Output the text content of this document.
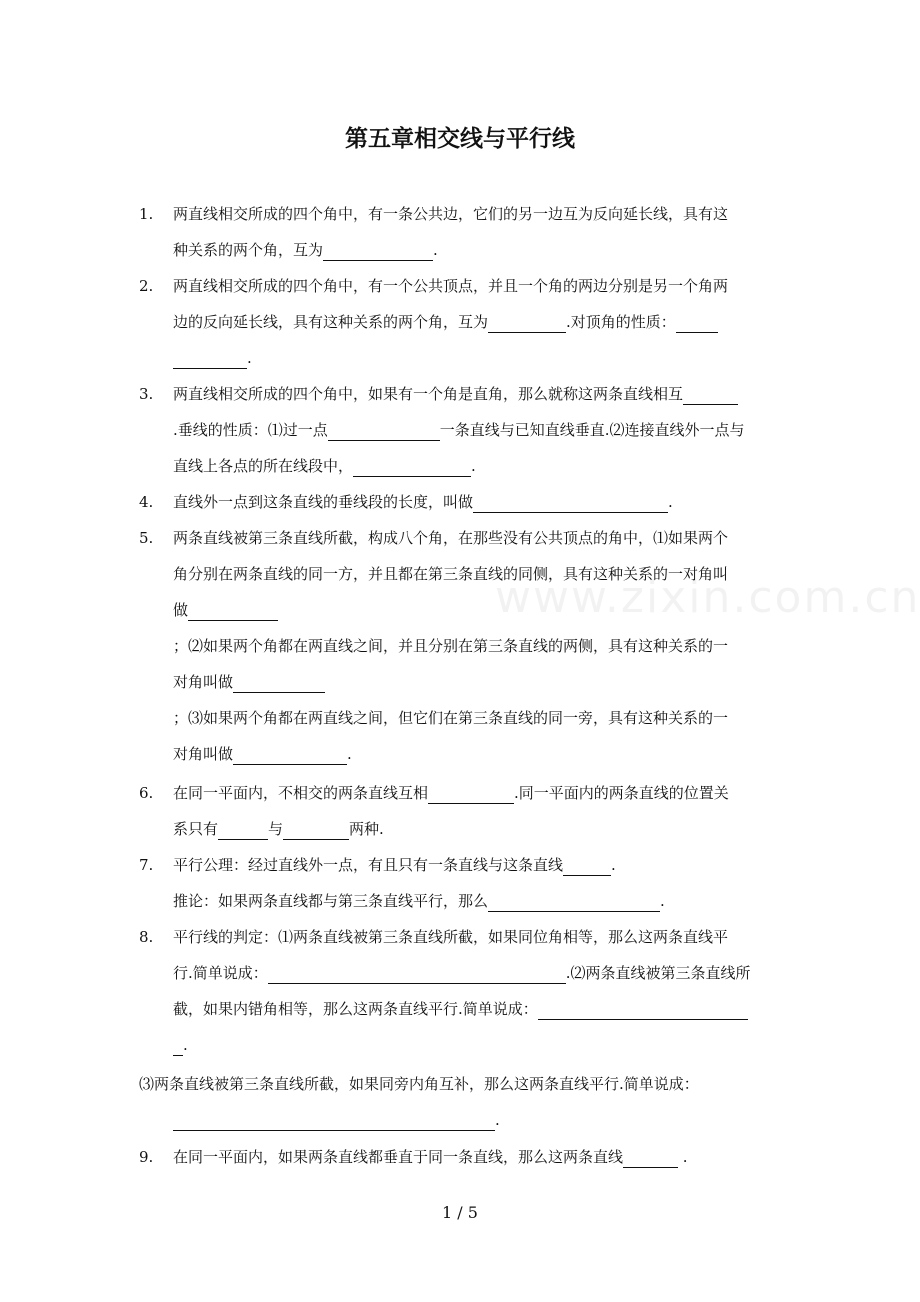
第五章相交线与平行线
www.zixin.com.cn
1.	两直线相交所成的四个角中，有一条公共边，它们的另一边互为反向延长线，具有这
种关系的两个角，互为	.
2.	两直线相交所成的四个角中，有一个公共顶点，并且一个角的两边分别是另一个角两
边的反向延长线，具有这种关系的两个角，互为	.对顶角的性质：
.
3.	两直线相交所成的四个角中，如果有一个角是直角，那么就称这两条直线相互
.垂线的性质：⑴过一点	一条直线与已知直线垂直.⑵连接直线外一点与
直线上各点的所在线段中，	.
4.	直线外一点到这条直线的垂线段的长度，叫做	.
5.	两条直线被第三条直线所截，构成八个角，在那些没有公共顶点的角中，⑴如果两个
角分别在两条直线的同一方，并且都在第三条直线的同侧，具有这种关系的一对角叫
做
；⑵如果两个角都在两直线之间，并且分别在第三条直线的两侧，具有这种关系的一
对角叫做
；⑶如果两个角都在两直线之间，但它们在第三条直线的同一旁，具有这种关系的一
对角叫做	.
6.	在同一平面内，不相交的两条直线互相	.同一平面内的两条直线的位置关
系只有	与	两种.
7.	平行公理：经过直线外一点，有且只有一条直线与这条直线	.
推论：如果两条直线都与第三条直线平行，那么	.
8.	平行线的判定：⑴两条直线被第三条直线所截，如果同位角相等，那么这两条直线平
行.简单说成：	.⑵两条直线被第三条直线所
截，如果内错角相等，那么这两条直线平行.简单说成：
.
9.	在同一平面内，如果两条直线都垂直于同一条直线，那么这两条直线	.
⑶两条直线被第三条直线所截，如果同旁内角互补，那么这两条直线平行.简单说成：
.
1 / 5
